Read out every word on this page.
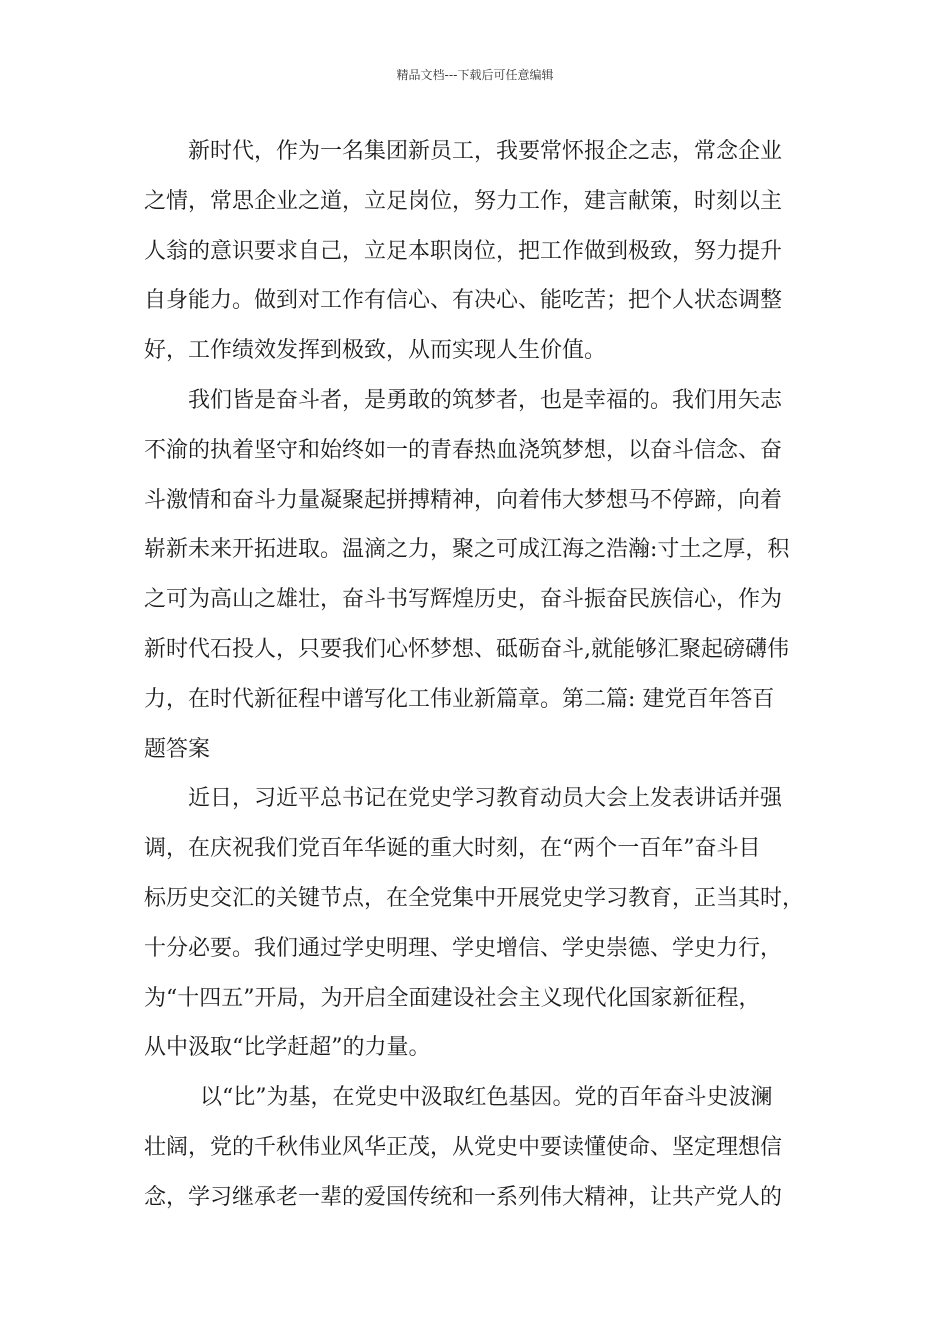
精品文档---下载后可任意编辑
新时代，作为一名集团新员工，我要常怀报企之志，常念企业
之情，常思企业之道，立足岗位，努力工作，建言献策，时刻以主
人翁的意识要求自己，立足本职岗位，把工作做到极致，努力提升
自身能力。做到对工作有信心、有决心、能吃苦；把个人状态调整
好，工作绩效发挥到极致，从而实现人生价值。
我们皆是奋斗者，是勇敢的筑梦者，也是幸福的。我们用矢志
不渝的执着坚守和始终如一的青春热血浇筑梦想，以奋斗信念、奋
斗激情和奋斗力量凝聚起拼搏精神，向着伟大梦想马不停蹄，向着
崭新未来开拓进取。温滴之力，聚之可成江海之浩瀚:寸土之厚，积
之可为高山之雄壮，奋斗书写辉煌历史，奋斗振奋民族信心，作为
新时代石投人，只要我们心怀梦想、砥砺奋斗,就能够汇聚起磅礴伟
力，在时代新征程中谱写化工伟业新篇章。第二篇: 建党百年答百
题答案
近日，习近平总书记在党史学习教育动员大会上发表讲话并强
调，在庆祝我们党百年华诞的重大时刻，在“两个一百年”奋斗目
标历史交汇的关键节点，在全党集中开展党史学习教育，正当其时，
十分必要。我们通过学史明理、学史增信、学史崇德、学史力行，
为“十四五”开局，为开启全面建设社会主义现代化国家新征程，
从中汲取“比学赶超”的力量。
以“比”为基，在党史中汲取红色基因。党的百年奋斗史波澜
壮阔，党的千秋伟业风华正茂，从党史中要读懂使命、坚定理想信
念，学习继承老一辈的爱国传统和一系列伟大精神，让共产党人的
